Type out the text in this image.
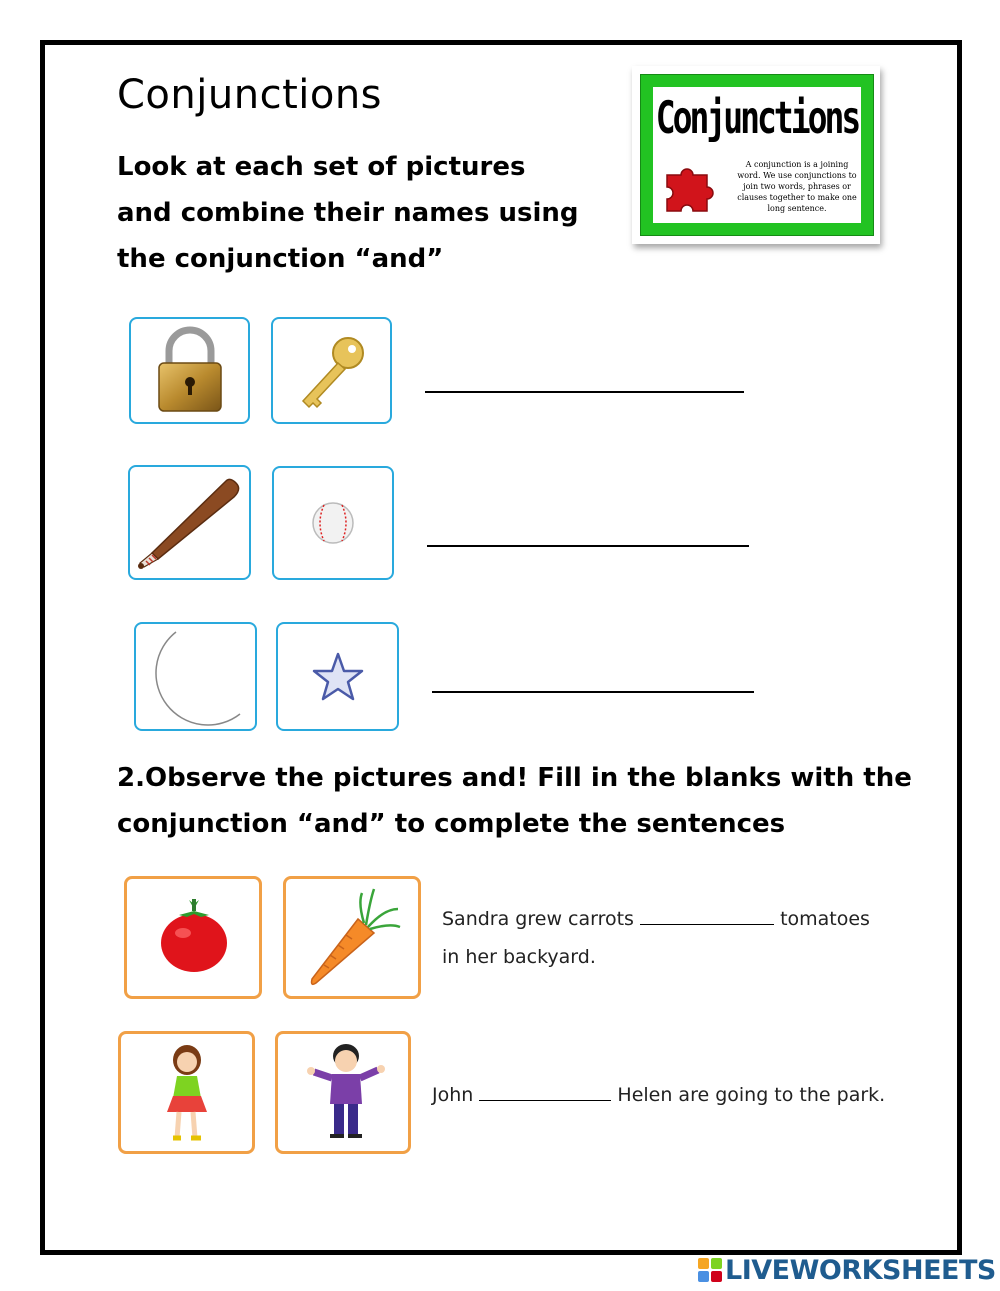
Conjunctions
Look at each set of pictures and combine their names using the conjunction “and”
Conjunctions
A conjunction is a joining word. We use conjunctions to join two words, phrases or clauses together to make one long sentence.
2.Observe the pictures and! Fill in the blanks with the conjunction “and” to complete the sentences
Sandra grew carrots	tomatoes
in her backyard.
John	Helen are going to the park.
LIVEWORKSHEETS
